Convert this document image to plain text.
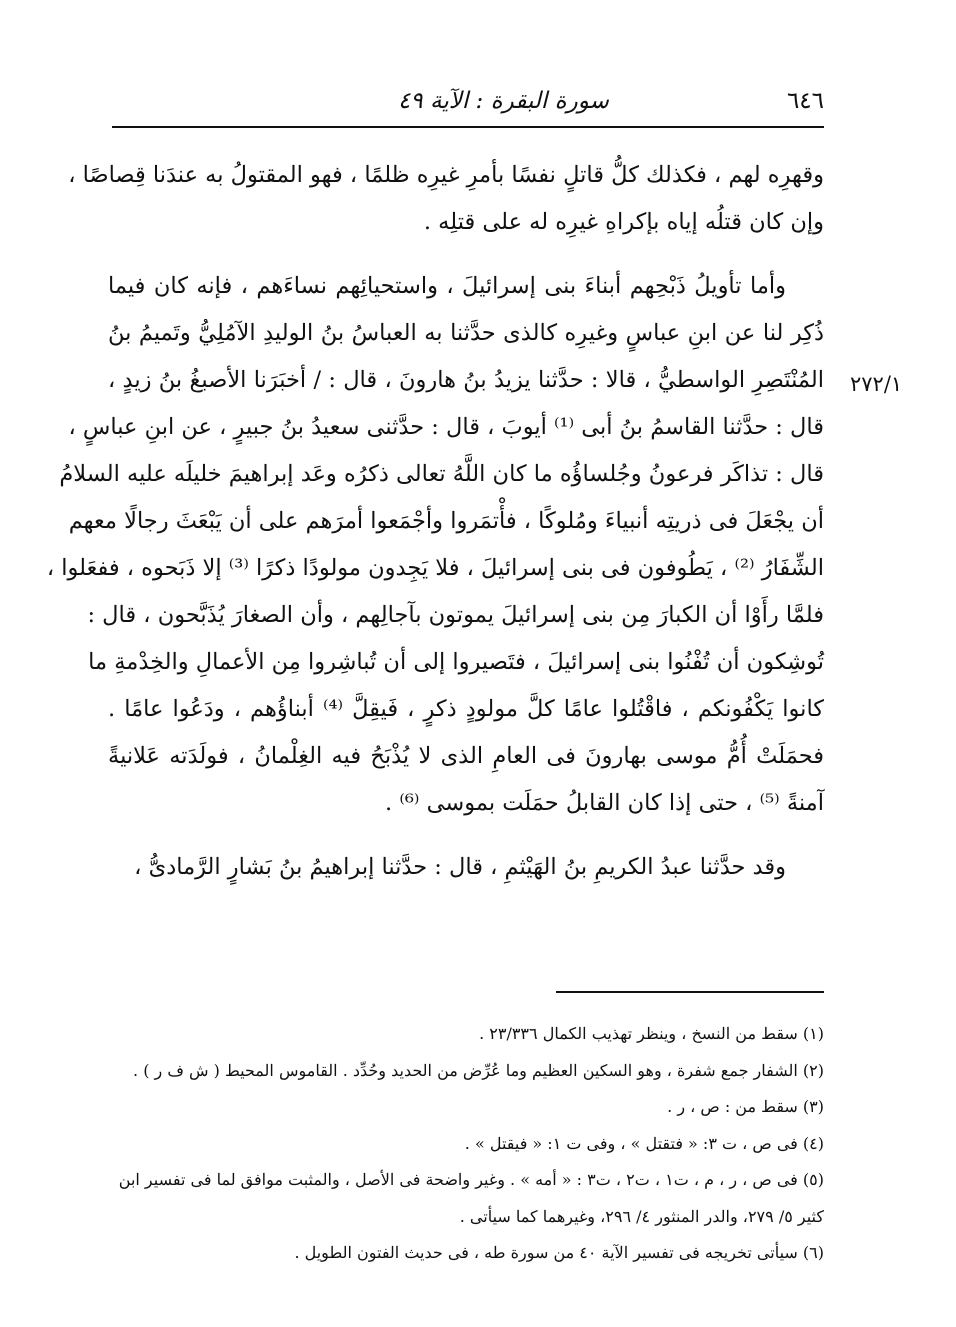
٦٤٦
سورة البقرة : الآية ٤٩
٢٧٢/١

وقهرِه لهم ، فكذلك كلُّ قاتلٍ نفسًا بأمرِ غيرِه ظلمًا ، فهو المقتولُ به عندَنا قِصاصًا ،
وإن كان قتلُه إياه بإكراهِ غيرِه له على قتلِه .

وأما تأويلُ ذَبْحِهم أبناءَ بنى إسرائيلَ ، واستحيائِهم نساءَهم ، فإنه كان فيما
ذُكِر لنا عن ابنِ عباسٍ وغيرِه كالذى حدَّثنا به العباسُ بنُ الوليدِ الآمُلِيُّ وتَميمُ بنُ
المُنْتَصِرِ الواسطيُّ ، قالا : حدَّثنا يزيدُ بنُ هارونَ ، قال : / أخبَرَنا الأصبغُ بنُ زيدٍ ،
قال : حدَّثنا القاسمُ بنُ أبى ⁽¹⁾ أيوبَ ، قال : حدَّثنى سعيدُ بنُ جبيرٍ ، عن ابنِ عباسٍ ،
قال : تذاكَر فرعونُ وجُلساؤُه ما كان اللَّهُ تعالى ذكرُه وعَد إبراهيمَ خليلَه عليه السلامُ
أن يجْعَلَ فى ذريتِه أنبياءَ ومُلوكًا ، فأْتمَروا وأجْمَعوا أمرَهم على أن يَبْعَثَ رجالًا معهم
الشِّفَارُ ⁽²⁾ ، يَطُوفون فى بنى إسرائيلَ ، فلا يَجِدون مولودًا ذكرًا ⁽³⁾ إلا ذَبَحوه ، ففعَلوا ،
فلمَّا رأَوْا أن الكبارَ مِن بنى إسرائيلَ يموتون بآجالِهم ، وأن الصغارَ يُذَبَّحون ، قال :
تُوشِكون أن تُفْنُوا بنى إسرائيلَ ، فتَصيروا إلى أن تُباشِروا مِن الأعمالِ والخِدْمةِ ما
كانوا يَكْفُونكم ، فاقْتُلوا عامًا كلَّ مولودٍ ذكرٍ ، فَيقِلَّ ⁽⁴⁾ أبناؤُهم ، ودَعُوا عامًا .
فحمَلَتْ أُمُّ موسى بهارونَ فى العامِ الذى لا يُذْبَحُ فيه الغِلْمانُ ، فولَدَته عَلانيةً
آمنةً ⁽⁵⁾ ، حتى إذا كان القابلُ حمَلَت بموسى ⁽⁶⁾ .

وقد حدَّثنا عبدُ الكريمِ بنُ الهَيْثمِ ، قال : حدَّثنا إبراهيمُ بنُ بَشارٍ الرَّمادىُّ ،

(١) سقط من النسخ ، وينظر تهذيب الكمال ٢٣/٣٣٦ .
(٢) الشفار جمع شفرة ، وهو السكين العظيم وما عُرِّض من الحديد وحُدِّد . القاموس المحيط ( ش ف ر ) .
(٣) سقط من : ص ، ر .
(٤) فى ص ، ت ٣: « فتقتل » ، وفى ت ١: « فيقتل » .
(٥) فى ص ، ر ، م ، ت١ ، ت٢ ، ت٣ : « أمه » . وغير واضحة فى الأصل ، والمثبت موافق لما فى تفسير ابن
كثير ٥/ ٢٧٩، والدر المنثور ٤/ ٢٩٦، وغيرهما كما سيأتى .
(٦) سيأتى تخريجه فى تفسير الآية ٤٠ من سورة طه ، فى حديث الفتون الطويل .
